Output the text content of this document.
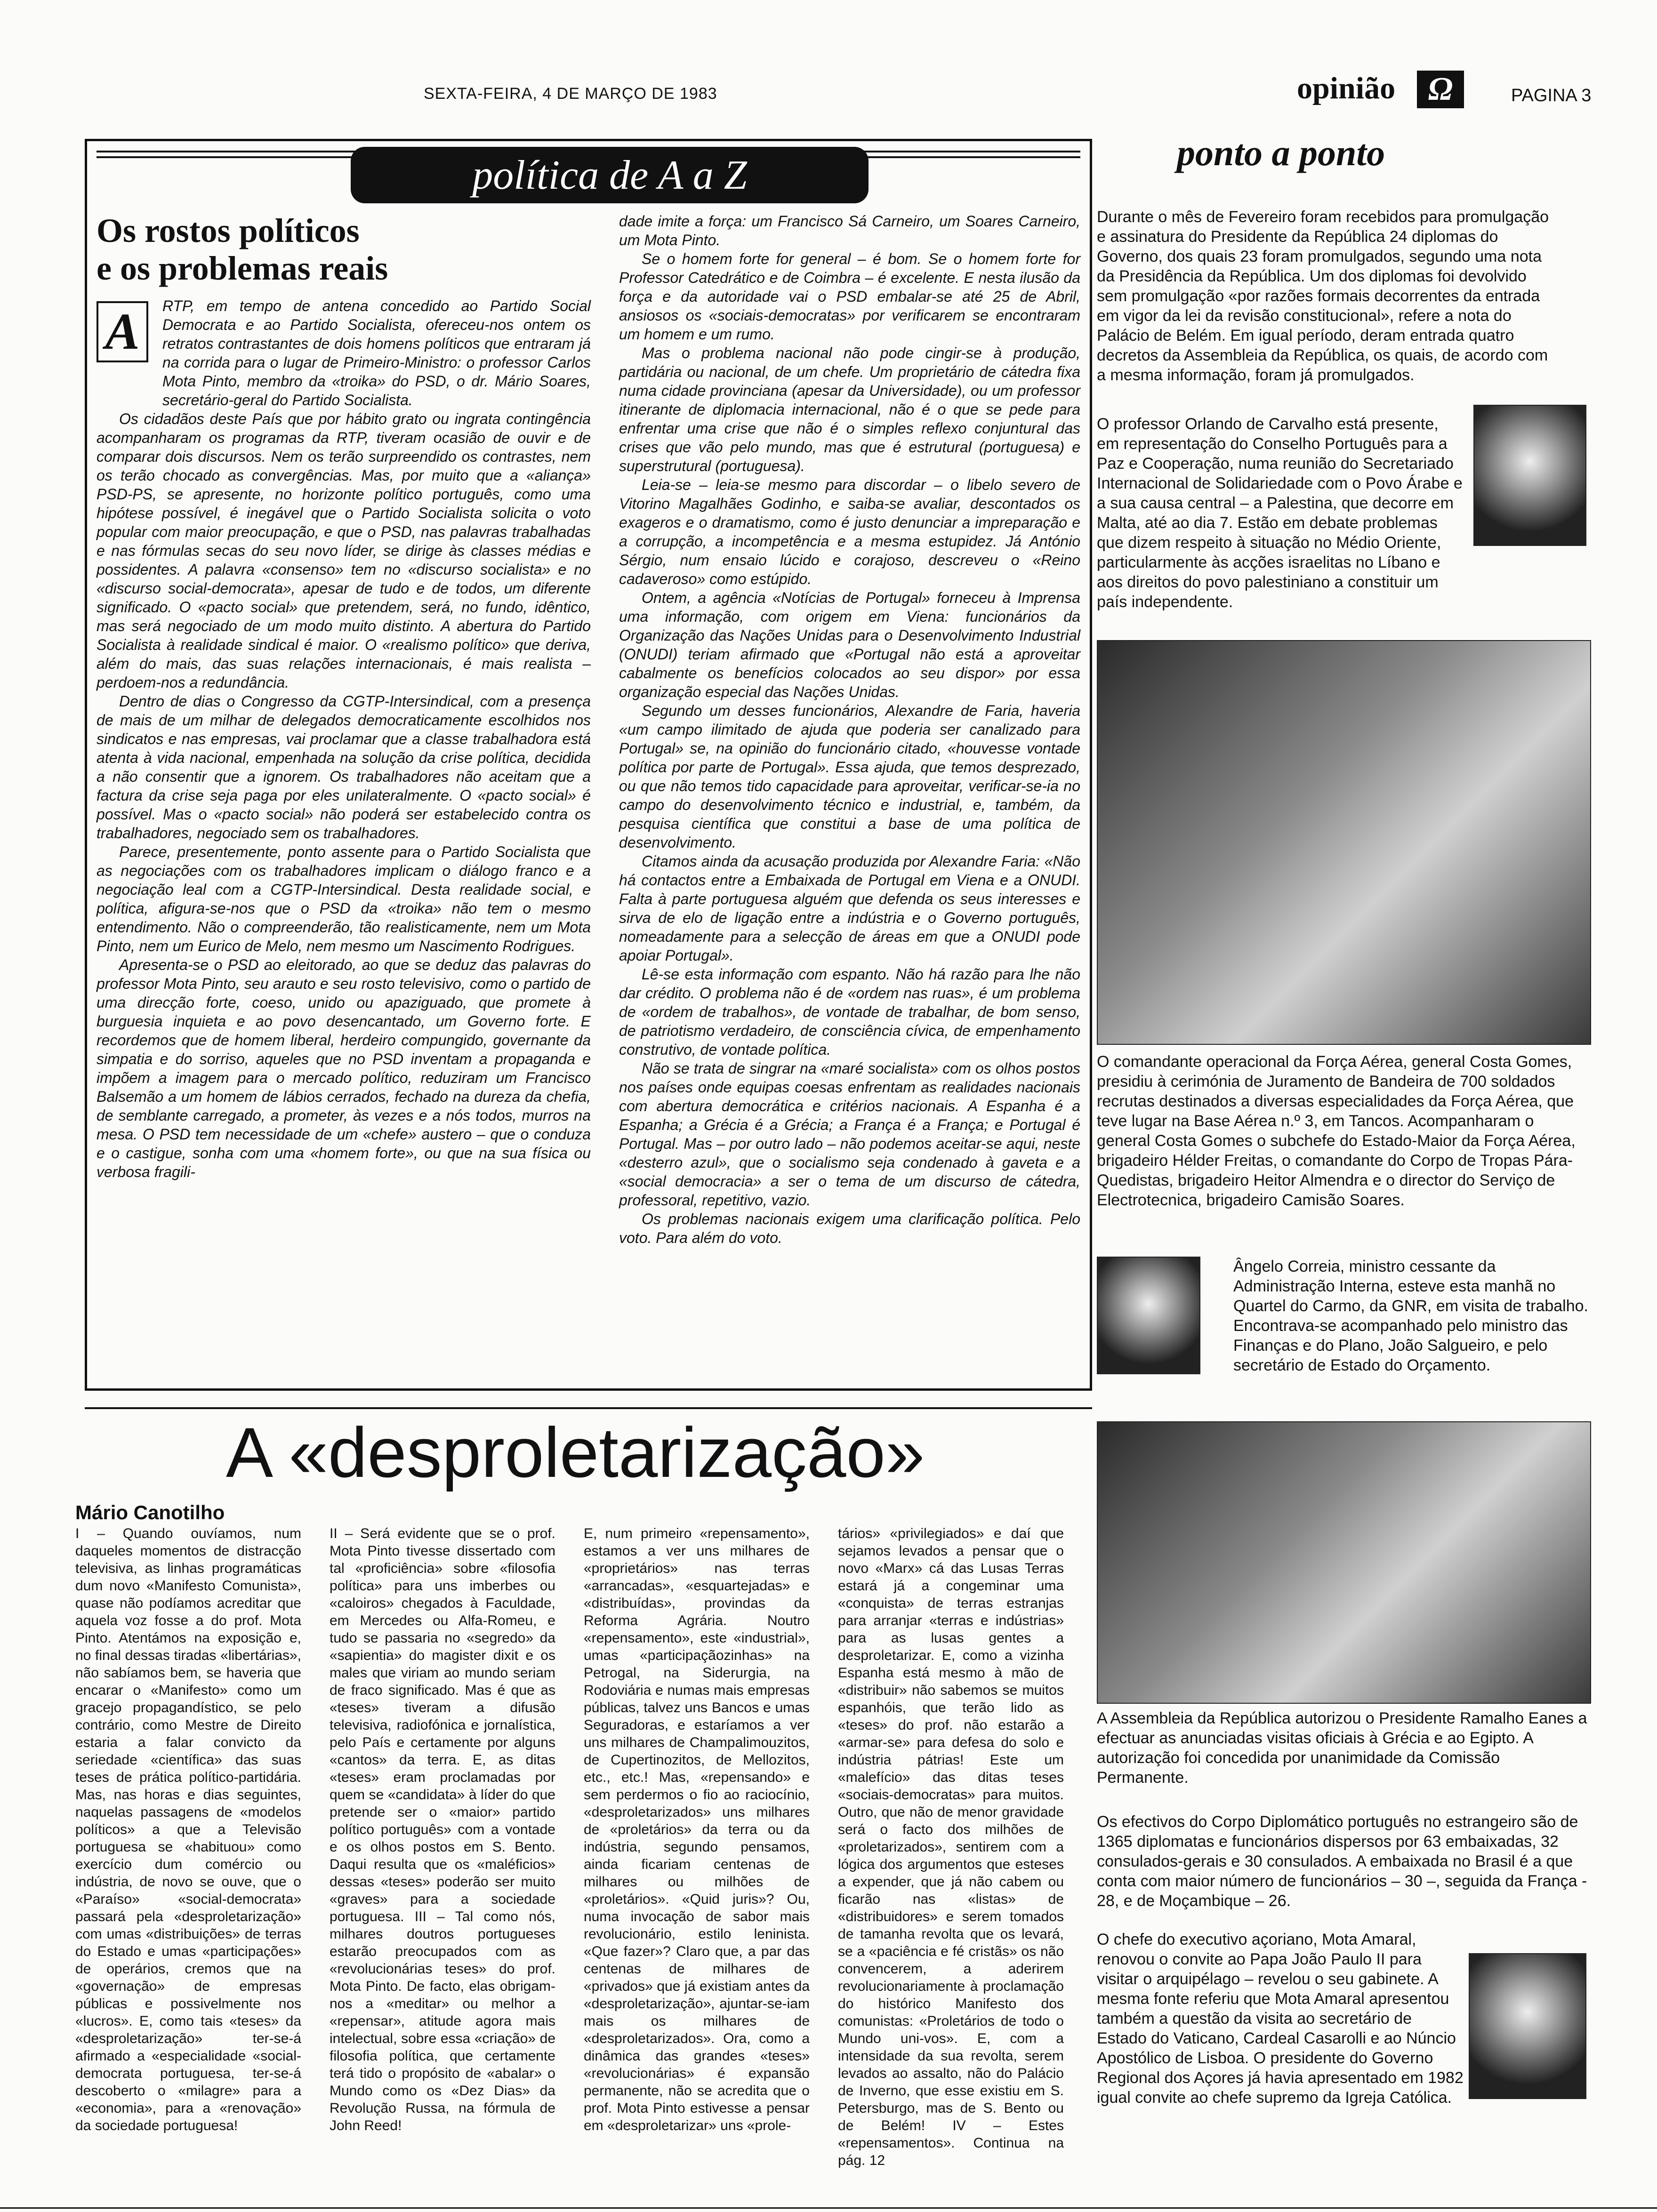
SEXTA-FEIRA, 4 DE MARÇO DE 1983	opinião Ω	PAGINA 3
política de A a Z
Os rostos políticos
e os problemas reais

RTP, em tempo de antena concedido ao Partido Social Democrata e ao Partido Socialista, ofereceu-nos ontem os retratos contrastantes de dois homens políticos que entraram já na corrida para o lugar de Primeiro-Ministro: o professor Carlos Mota Pinto, membro da «troika» do PSD, o dr. Mário Soares, secretário-geral do Partido Socialista.

Os cidadãos deste País que por hábito grato ou ingrata contingência acompanharam os programas da RTP, tiveram ocasião de ouvir e de comparar dois discursos. Nem os terão surpreendido os contrastes, nem os terão chocado as convergências. Mas, por muito que a «aliança» PSD-PS, se apresente, no horizonte político português, como uma hipótese possível, é inegável que o Partido Socialista solicita o voto popular com maior preocupação, e que o PSD, nas palavras trabalhadas e nas fórmulas secas do seu novo líder, se dirige às classes médias e possidentes. A palavra «consenso» tem no «discurso socialista» e no «discurso social-democrata», apesar de tudo e de todos, um diferente significado. O «pacto social» que pretendem, será, no fundo, idêntico, mas será negociado de um modo muito distinto. A abertura do Partido Socialista à realidade sindical é maior. O «realismo político» que deriva, além do mais, das suas relações internacionais, é mais realista – perdoem-nos a redundância.

Dentro de dias o Congresso da CGTP-Intersindical, com a presença de mais de um milhar de delegados democraticamente escolhidos nos sindicatos e nas empresas, vai proclamar que a classe trabalhadora está atenta à vida nacional, empenhada na solução da crise política, decidida a não consentir que a ignorem. Os trabalhadores não aceitam que a factura da crise seja paga por eles unilateralmente. O «pacto social» é possível. Mas o «pacto social» não poderá ser estabelecido contra os trabalhadores, negociado sem os trabalhadores.

Parece, presentemente, ponto assente para o Partido Socialista que as negociações com os trabalhadores implicam o diálogo franco e a negociação leal com a CGTP-Intersindical. Desta realidade social, e política, afigura-se-nos que o PSD da «troika» não tem o mesmo entendimento. Não o compreenderão, tão realisticamente, nem um Mota Pinto, nem um Eurico de Melo, nem mesmo um Nascimento Rodrigues.

Apresenta-se o PSD ao eleitorado, ao que se deduz das palavras do professor Mota Pinto, seu arauto e seu rosto televisivo, como o partido de uma direcção forte, coeso, unido ou apaziguado, que promete à burguesia inquieta e ao povo desencantado, um Governo forte. E recordemos que de homem liberal, herdeiro compungido, governante da simpatia e do sorriso, aqueles que no PSD inventam a propaganda e impõem a imagem para o mercado político, reduziram um Francisco Balsemão a um homem de lábios cerrados, fechado na dureza da chefia, de semblante carregado, a prometer, às vezes e a nós todos, murros na mesa. O PSD tem necessidade de um «chefe» austero – que o conduza e o castigue, sonha com uma «homem forte», ou que na sua física ou verbosa fragili-

A

dade imite a força: um Francisco Sá Carneiro, um Soares Carneiro, um Mota Pinto.

Se o homem forte for general – é bom. Se o homem forte for Professor Catedrático e de Coimbra – é excelente. E nesta ilusão da força e da autoridade vai o PSD embalar-se até 25 de Abril, ansiosos os «sociais-democratas» por verificarem se encontraram um homem e um rumo.

Mas o problema nacional não pode cingir-se à produção, partidária ou nacional, de um chefe. Um proprietário de cátedra fixa numa cidade provinciana (apesar da Universidade), ou um professor itinerante de diplomacia internacional, não é o que se pede para enfrentar uma crise que não é o simples reflexo conjuntural das crises que vão pelo mundo, mas que é estrutural (portuguesa) e superstrutural (portuguesa).

Leia-se – leia-se mesmo para discordar – o libelo severo de Vitorino Magalhães Godinho, e saiba-se avaliar, descontados os exageros e o dramatismo, como é justo denunciar a impreparação e a corrupção, a incompetência e a mesma estupidez. Já António Sérgio, num ensaio lúcido e corajoso, descreveu o «Reino cadaveroso» como estúpido.

Ontem, a agência «Notícias de Portugal» forneceu à Imprensa uma informação, com origem em Viena: funcionários da Organização das Nações Unidas para o Desenvolvimento Industrial (ONUDI) teriam afirmado que «Portugal não está a aproveitar cabalmente os benefícios colocados ao seu dispor» por essa organização especial das Nações Unidas.

Segundo um desses funcionários, Alexandre de Faria, haveria «um campo ilimitado de ajuda que poderia ser canalizado para Portugal» se, na opinião do funcionário citado, «houvesse vontade política por parte de Portugal». Essa ajuda, que temos desprezado, ou que não temos tido capacidade para aproveitar, verificar-se-ia no campo do desenvolvimento técnico e industrial, e, também, da pesquisa científica que constitui a base de uma política de desenvolvimento.

Citamos ainda da acusação produzida por Alexandre Faria: «Não há contactos entre a Embaixada de Portugal em Viena e a ONUDI. Falta à parte portuguesa alguém que defenda os seus interesses e sirva de elo de ligação entre a indústria e o Governo português, nomeadamente para a selecção de áreas em que a ONUDI pode apoiar Portugal».

Lê-se esta informação com espanto. Não há razão para lhe não dar crédito. O problema não é de «ordem nas ruas», é um problema de «ordem de trabalhos», de vontade de trabalhar, de bom senso, de patriotismo verdadeiro, de consciência cívica, de empenhamento construtivo, de vontade política.

Não se trata de singrar na «maré socialista» com os olhos postos nos países onde equipas coesas enfrentam as realidades nacionais com abertura democrática e critérios nacionais. A Espanha é a Espanha; a Grécia é a Grécia; a França é a França; e Portugal é Portugal. Mas – por outro lado – não podemos aceitar-se aqui, neste «desterro azul», que o socialismo seja condenado à gaveta e a «social democracia» a ser o tema de um discurso de cátedra, professoral, repetitivo, vazio.

Os problemas nacionais exigem uma clarificação política. Pelo voto. Para além do voto.

ponto a ponto
Durante o mês de Fevereiro foram recebidos para promulgação e assinatura do Presidente da República 24 diplomas do Governo, dos quais 23 foram promulgados, segundo uma nota da Presidência da República. Um dos diplomas foi devolvido sem promulgação «por razões formais decorrentes da entrada em vigor da lei da revisão constitucional», refere a nota do Palácio de Belém. Em igual período, deram entrada quatro decretos da Assembleia da República, os quais, de acordo com a mesma informação, foram já promulgados.
O professor Orlando de Carvalho está presente, em representação do Conselho Português para a Paz e Cooperação, numa reunião do Secretariado Internacional de Solidariedade com o Povo Árabe e a sua causa central – a Palestina, que decorre em Malta, até ao dia 7. Estão em debate problemas que dizem respeito à situação no Médio Oriente, particularmente às acções israelitas no Líbano e aos direitos do povo palestiniano a constituir um país independente.
O comandante operacional da Força Aérea, general Costa Gomes, presidiu à cerimónia de Juramento de Bandeira de 700 soldados recrutas destinados a diversas especialidades da Força Aérea, que teve lugar na Base Aérea n.º 3, em Tancos. Acompanharam o general Costa Gomes o subchefe do Estado-Maior da Força Aérea, brigadeiro Hélder Freitas, o comandante do Corpo de Tropas Pára-Quedistas, brigadeiro Heitor Almendra e o director do Serviço de Electrotecnica, brigadeiro Camisão Soares.
Ângelo Correia, ministro cessante da Administração Interna, esteve esta manhã no Quartel do Carmo, da GNR, em visita de trabalho. Encontrava-se acompanhado pelo ministro das Finanças e do Plano, João Salgueiro, e pelo secretário de Estado do Orçamento.
A «desproletarização»
Mário Canotilho
I – Quando ouvíamos, num daqueles momentos de distracção televisiva, as linhas programáticas dum novo «Manifesto Comunista», quase não podíamos acreditar que aquela voz fosse a do prof. Mota Pinto. Atentámos na exposição e, no final dessas tiradas «libertárias», não sabíamos bem, se haveria que encarar o «Manifesto» como um gracejo propagandístico, se pelo contrário, como Mestre de Direito estaria a falar convicto da seriedade «científica» das suas teses de prática político-partidária. Mas, nas horas e dias seguintes, naquelas passagens de «modelos políticos» a que a Televisão portuguesa se «habituou» como exercício dum comércio ou indústria, de novo se ouve, que o «Paraíso» «social-democrata» passará pela «desproletarização» com umas «distribuições» de terras do Estado e umas «participações» de operários, cremos que na «governação» de empresas públicas e possivelmente nos «lucros». E, como tais «teses» da «desproletarização» ter-se-á afirmado a «especialidade «social-democrata portuguesa, ter-se-á descoberto o «milagre» para a «economia», para a «renovação» da sociedade portuguesa!
II – Será evidente que se o prof. Mota Pinto tivesse dissertado com tal «proficiência» sobre «filosofia política» para uns imberbes ou «caloiros» chegados à Faculdade, em Mercedes ou Alfa-Romeu, e tudo se passaria no «segredo» da «sapientia» do magister dixit e os males que viriam ao mundo seriam de fraco significado. Mas é que as «teses» tiveram a difusão televisiva, radiofónica e jornalística, pelo País e certamente por alguns «cantos» da terra. E, as ditas «teses» eram proclamadas por quem se «candidata» à líder do que pretende ser o «maior» partido político português» com a vontade e os olhos postos em S. Bento. Daqui resulta que os «maléficios» dessas «teses» poderão ser muito «graves» para a sociedade portuguesa. III – Tal como nós, milhares doutros portugueses estarão preocupados com as «revolucionárias teses» do prof. Mota Pinto. De facto, elas obrigam-nos a «meditar» ou melhor a «repensar», atitude agora mais intelectual, sobre essa «criação» de filosofia política, que certamente terá tido o propósito de «abalar» o Mundo como os «Dez Dias» da Revolução Russa, na fórmula de John Reed!
E, num primeiro «repensamento», estamos a ver uns milhares de «proprietários» nas terras «arrancadas», «esquartejadas» e «distribuídas», provindas da Reforma Agrária. Noutro «repensamento», este «industrial», umas «participaçãozinhas» na Petrogal, na Siderurgia, na Rodoviária e numas mais empresas públicas, talvez uns Bancos e umas Seguradoras, e estaríamos a ver uns milhares de Champalimouzitos, de Cupertinozitos, de Mellozitos, etc., etc.! Mas, «repensando» e sem perdermos o fio ao raciocínio, «desproletarizados» uns milhares de «proletários» da terra ou da indústria, segundo pensamos, ainda ficariam centenas de milhares ou milhões de «proletários». «Quid juris»? Ou, numa invocação de sabor mais revolucionário, estilo leninista. «Que fazer»? Claro que, a par das centenas de milhares de «privados» que já existiam antes da «desproletarização», ajuntar-se-iam mais os milhares de «desproletarizados». Ora, como a dinâmica das grandes «teses» «revolucionárias» é expansão permanente, não se acredita que o prof. Mota Pinto estivesse a pensar em «desproletarizar» uns «prole-
tários» «privilegiados» e daí que sejamos levados a pensar que o novo «Marx» cá das Lusas Terras estará já a congeminar uma «conquista» de terras estranjas para arranjar «terras e indústrias» para as lusas gentes a desproletarizar. E, como a vizinha Espanha está mesmo à mão de «distribuir» não sabemos se muitos espanhóis, que terão lido as «teses» do prof. não estarão a «armar-se» para defesa do solo e indústria pátrias! Este um «malefício» das ditas teses «sociais-democratas» para muitos. Outro, que não de menor gravidade será o facto dos milhões de «proletarizados», sentirem com a lógica dos argumentos que esteses a expender, que já não cabem ou ficarão nas «listas» de «distribuidores» e serem tomados de tamanha revolta que os levará, se a «paciência e fé cristãs» os não convencerem, a aderirem revolucionariamente à proclamação do histórico Manifesto dos comunistas: «Proletários de todo o Mundo uni-vos». E, com a intensidade da sua revolta, serem levados ao assalto, não do Palácio de Inverno, que esse existiu em S. Petersburgo, mas de S. Bento ou de Belém! IV – Estes «repensamentos». Continua na pág. 12
A Assembleia da República autorizou o Presidente Ramalho Eanes a efectuar as anunciadas visitas oficiais à Grécia e ao Egipto. A autorização foi concedida por unanimidade da Comissão Permanente.
Os efectivos do Corpo Diplomático português no estrangeiro são de 1365 diplomatas e funcionários dispersos por 63 embaixadas, 32 consulados-gerais e 30 consulados. A embaixada no Brasil é a que conta com maior número de funcionários – 30 –, seguida da França - 28, e de Moçambique – 26.
O chefe do executivo açoriano, Mota Amaral, renovou o convite ao Papa João Paulo II para visitar o arquipélago – revelou o seu gabinete. A mesma fonte referiu que Mota Amaral apresentou também a questão da visita ao secretário de Estado do Vaticano, Cardeal Casarolli e ao Núncio Apostólico de Lisboa. O presidente do Governo Regional dos Açores já havia apresentado em 1982 igual convite ao chefe supremo da Igreja Católica.
